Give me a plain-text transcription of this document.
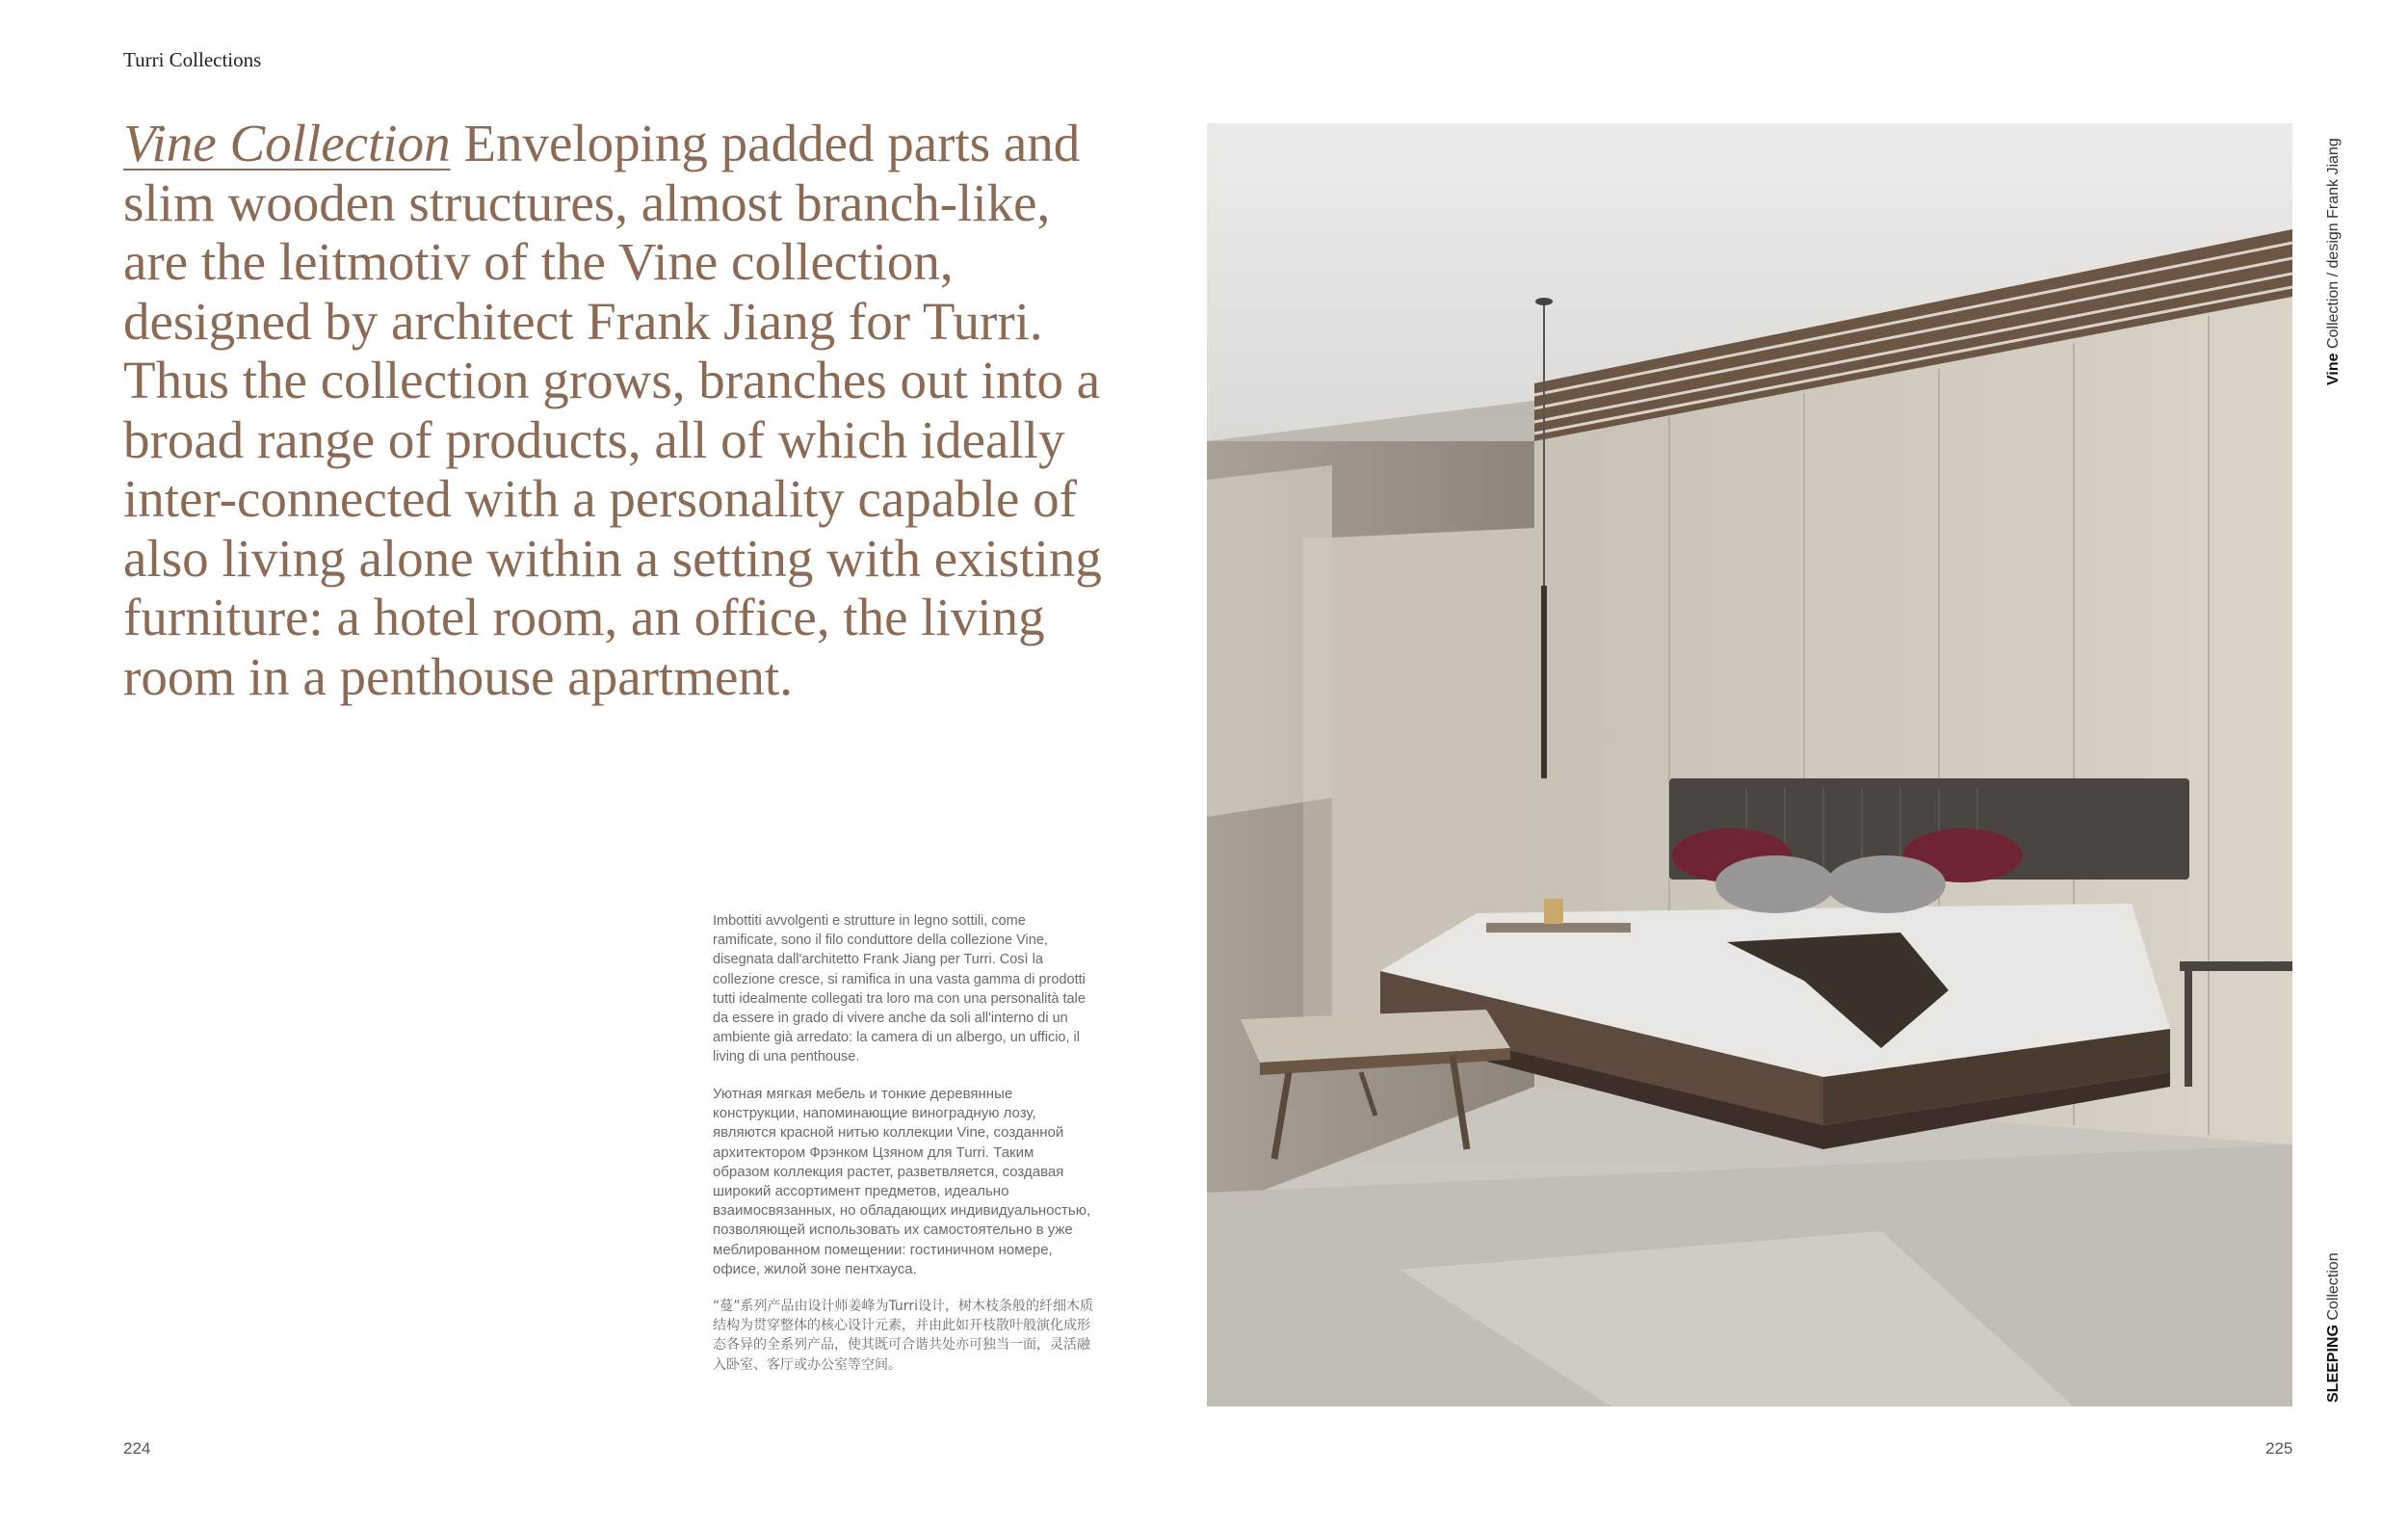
Turri Collections
Vine Collection Enveloping padded parts and slim wooden structures, almost branch-like, are the leitmotiv of the Vine collection, designed by architect Frank Jiang for Turri. Thus the collection grows, branches out into a broad range of products, all of which ideally inter-connected with a personality capable of also living alone within a setting with existing furniture: a hotel room, an office, the living room in a penthouse apartment.

Imbottiti avvolgenti e strutture in legno sottili, come ramificate, sono il filo conduttore della collezione Vine, disegnata dall'architetto Frank Jiang per Turri. Così la collezione cresce, si ramifica in una vasta gamma di prodotti tutti idealmente collegati tra loro ma con una personalità tale da essere in grado di vivere anche da soli all'interno di un ambiente già arredato: la camera di un albergo, un ufficio, il living di una penthouse.

Уютная мягкая мебель и тонкие деревянные конструкции, напоминающие виноградную лозу, являются красной нитью коллекции Vine, созданной архитектором Фрэнком Цзяном для Turri. Таким образом коллекция растет, разветвляется, создавая широкий ассортимент предметов, идеально взаимосвязанных, но обладающих индивидуальностью, позволяющей использовать их самостоятельно в уже меблированном помещении: гостиничном номере, офисе, жилой зоне пентхауса.

“蔓”系列产品由设计师姜峰为Turri设计，树木枝条般的纤细木质结构为贯穿整体的核心设计元素，并由此如开枝散叶般演化成形态各异的全系列产品，使其既可合谐共处亦可独当一面，灵活融入卧室、客厅或办公室等空间。

Vine Collection / design Frank Jiang
SLEEPING Collection
224	225
